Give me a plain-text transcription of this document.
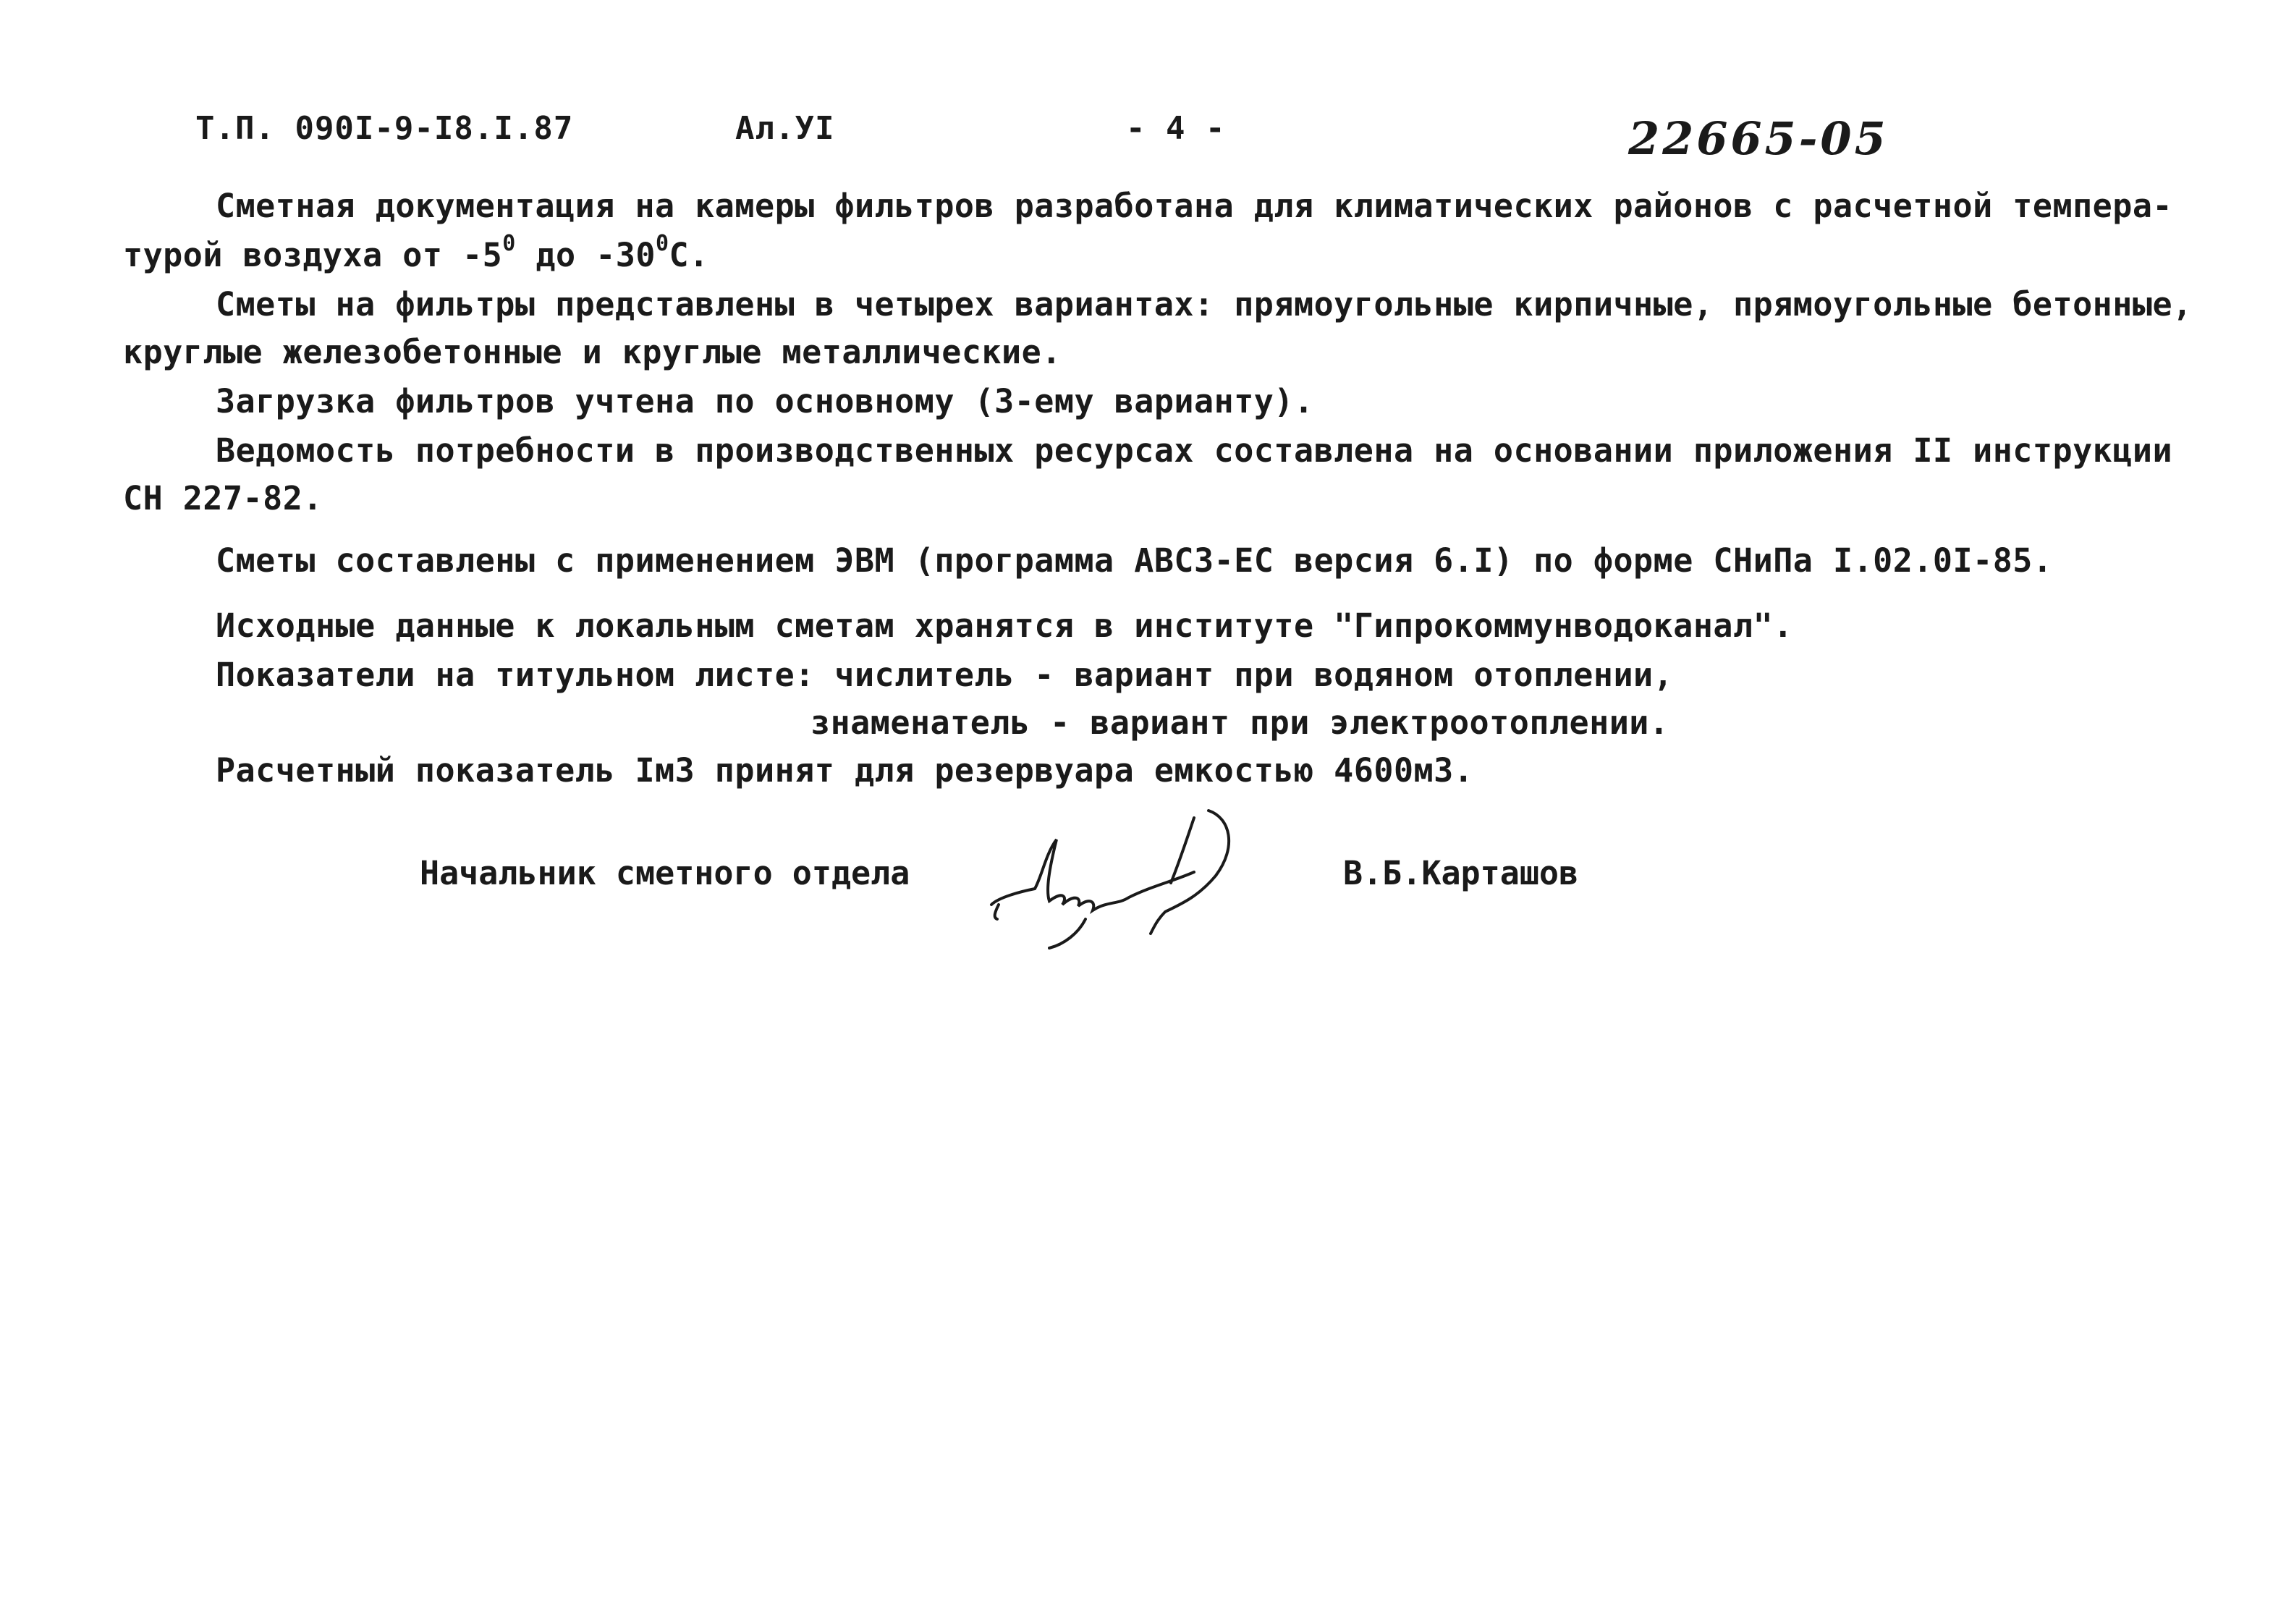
Т.П. 090I-9-I8.I.87	Ал.УI	- 4 -	22665-05
Сметная документация на камеры фильтров разработана для климатических районов с расчетной темпера-
турой воздуха от $-5^0$ до $-30^0С$.
Сметы на фильтры представлены в четырех вариантах: прямоугольные кирпичные, прямоугольные бетонные,
круглые железобетонные и круглые металлические.
Загрузка фильтров учтена по основному (3-ему варианту).
Ведомость потребности в производственных ресурсах составлена на основании приложения II инструкции
СН 227-82.
Сметы составлены с применением ЭВМ (программа АВСЗ-ЕС версия 6.I) по форме СНиПа I.02.0I-85.
Исходные данные к локальным сметам хранятся в институте "Гипрокоммунводоканал".
Показатели на титульном листе: числитель - вариант при водяном отоплении,
знаменатель - вариант при электроотоплении.
Расчетный показатель Iм3 принят для резервуара емкостью 4600м3.
Начальник сметного отдела	В.Б.Карташов
